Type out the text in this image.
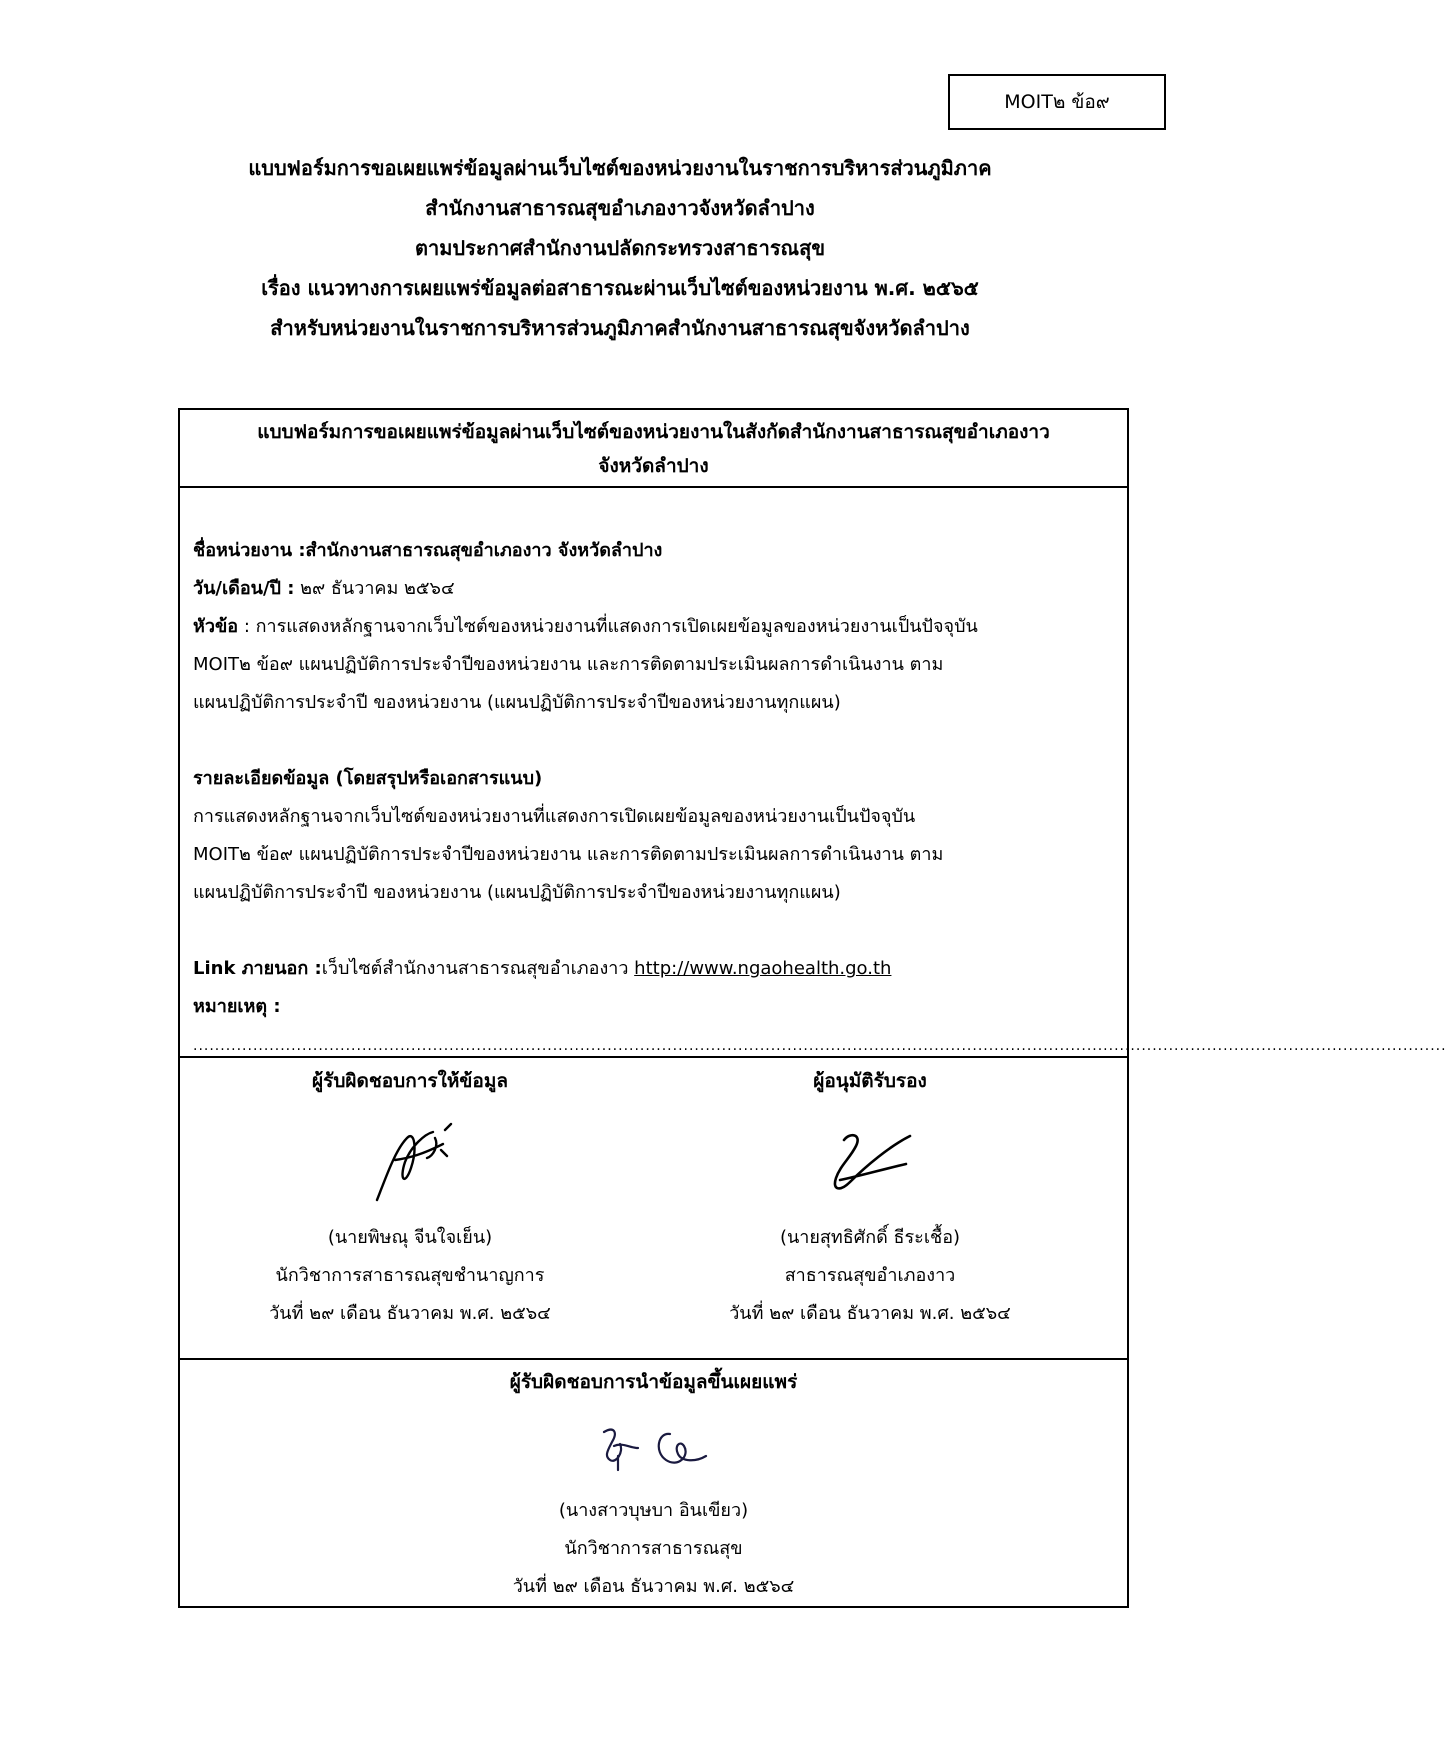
MOIT๒ ข้อ๙
แบบฟอร์มการขอเผยแพร่ข้อมูลผ่านเว็บไซต์ของหน่วยงานในราชการบริหารส่วนภูมิภาค
สำนักงานสาธารณสุขอำเภองาวจังหวัดลำปาง
ตามประกาศสำนักงานปลัดกระทรวงสาธารณสุข
เรื่อง แนวทางการเผยแพร่ข้อมูลต่อสาธารณะผ่านเว็บไซต์ของหน่วยงาน พ.ศ. ๒๕๖๕
สำหรับหน่วยงานในราชการบริหารส่วนภูมิภาคสำนักงานสาธารณสุขจังหวัดลำปาง
แบบฟอร์มการขอเผยแพร่ข้อมูลผ่านเว็บไซต์ของหน่วยงานในสังกัดสำนักงานสาธารณสุขอำเภองาว
จังหวัดลำปาง
ชื่อหน่วยงาน :สำนักงานสาธารณสุขอำเภองาว จังหวัดลำปาง
วัน/เดือน/ปี : ๒๙ ธันวาคม ๒๕๖๔
หัวข้อ : การแสดงหลักฐานจากเว็บไซต์ของหน่วยงานที่แสดงการเปิดเผยข้อมูลของหน่วยงานเป็นปัจจุบัน
MOIT๒ ข้อ๙ แผนปฏิบัติการประจำปีของหน่วยงาน และการติดตามประเมินผลการดำเนินงาน ตาม
แผนปฏิบัติการประจำปี ของหน่วยงาน (แผนปฏิบัติการประจำปีของหน่วยงานทุกแผน)
รายละเอียดข้อมูล (โดยสรุปหรือเอกสารแนบ)
การแสดงหลักฐานจากเว็บไซต์ของหน่วยงานที่แสดงการเปิดเผยข้อมูลของหน่วยงานเป็นปัจจุบัน
MOIT๒ ข้อ๙ แผนปฏิบัติการประจำปีของหน่วยงาน และการติดตามประเมินผลการดำเนินงาน ตาม
แผนปฏิบัติการประจำปี ของหน่วยงาน (แผนปฏิบัติการประจำปีของหน่วยงานทุกแผน)
Link ภายนอก :เว็บไซต์สำนักงานสาธารณสุขอำเภองาว http://www.ngaohealth.go.th
หมายเหตุ :
......................................................................................................................................................................................................................................
ผู้รับผิดชอบการให้ข้อมูล
(นายพิษณุ จีนใจเย็น)
นักวิชาการสาธารณสุขชำนาญการ
วันที่ ๒๙ เดือน ธันวาคม พ.ศ. ๒๕๖๔
ผู้อนุมัติรับรอง
(นายสุทธิศักดิ์ ธีระเชื้อ)
สาธารณสุขอำเภองาว
วันที่ ๒๙ เดือน ธันวาคม พ.ศ. ๒๕๖๔
ผู้รับผิดชอบการนำข้อมูลขึ้นเผยแพร่
(นางสาวบุษบา อินเขียว)
นักวิชาการสาธารณสุข
วันที่ ๒๙ เดือน ธันวาคม พ.ศ. ๒๕๖๔
